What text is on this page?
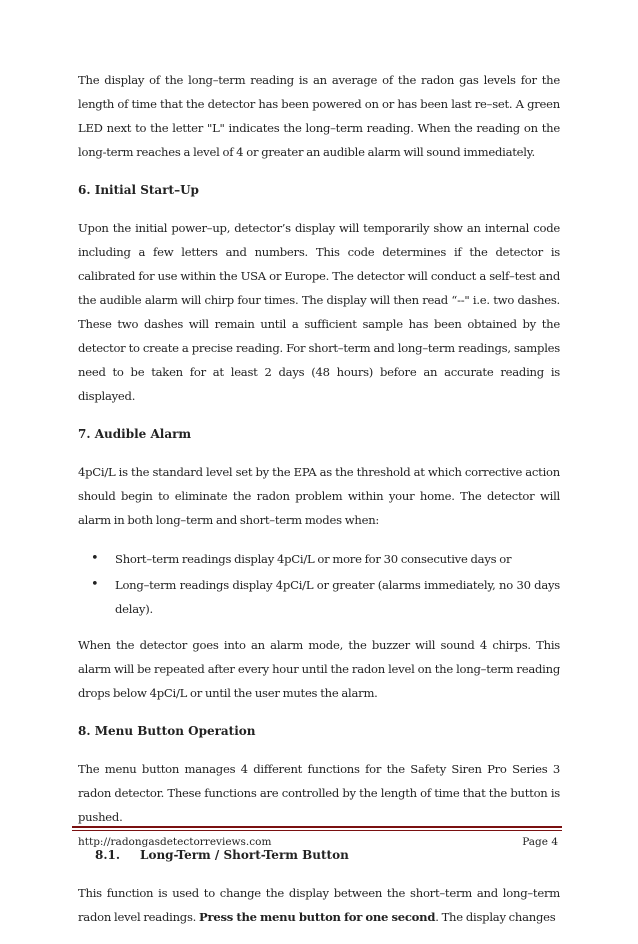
The display of the long–term reading is an average of the radon gas levels for the length of time that the detector has been powered on or has been last re–set. A green LED next to the letter "L" indicates the long–term reading. When the reading on the long-term reaches a level of 4 or greater an audible alarm will sound immediately.

6. Initial Start–Up

Upon the initial power–up, detector’s display will temporarily show an internal code including a few letters and numbers. This code determines if the detector is calibrated for use within the USA or Europe. The detector will conduct a self–test and the audible alarm will chirp four times. The display will then read “--" i.e. two dashes. These two dashes will remain until a sufficient sample has been obtained by the detector to create a precise reading. For short–term and long–term readings, samples need to be taken for at least 2 days (48 hours) before an accurate reading is displayed.

7. Audible Alarm

4pCi/L is the standard level set by the EPA as the threshold at which corrective action should begin to eliminate the radon problem within your home. The detector will alarm in both long–term and short–term modes when:

• Short–term readings display 4pCi/L or more for 30 consecutive days or
• Long–term readings display 4pCi/L or greater (alarms immediately, no 30 days delay).

When the detector goes into an alarm mode, the buzzer will sound 4 chirps. This alarm will be repeated after every hour until the radon level on the long–term reading drops below 4pCi/L or until the user mutes the alarm.

8. Menu Button Operation

The menu button manages 4 different functions for the Safety Siren Pro Series 3 radon detector. These functions are controlled by the length of time that the button is pushed.

8.1. Long-Term / Short-Term Button

This function is used to change the display between the short–term and long–term radon level readings. Press the menu button for one second. The display changes

http://radongasdetectorreviews.com	Page 4
